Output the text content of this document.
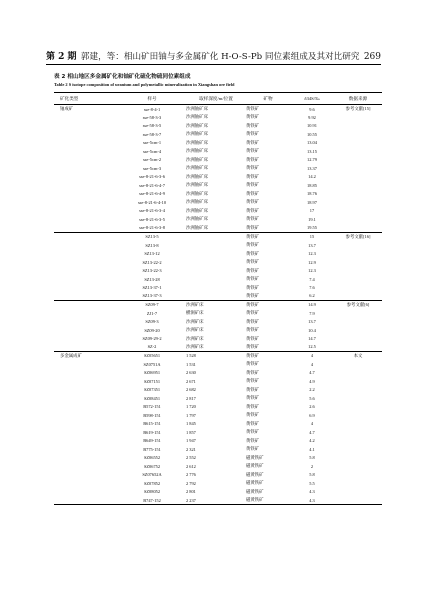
第 2 期 郭建，等：相山矿田铀与多金属矿化 H-O-S-Pb 同位素组成及其对比研究 269
表 2 相山地区多金属矿化和铀矿化硫化物硫同位素组成
Table 2 S isotope composition of uranium and polymetallic mineralization in Xiangshan ore field
矿化类型	样号	取样深度/m/位置	矿物	δ34S/‰	数据来源
铀成矿	sse-8-4-1	沙洲铀矿床	黄铁矿	9.6	参考文献[15]
	sse-58-3-3	沙洲铀矿床	黄铁矿	9.92	
	sse-58-3-5	沙洲铀矿床	黄铁矿	10.91	
	sse-58-3-7	沙洲铀矿床	黄铁矿	10.55	
	sse-5cm-1	沙洲铀矿床	黄铁矿	13.04	
	sse-5cm-4	沙洲铀矿床	黄铁矿	13.15	
	sse-5cm-2	沙洲铀矿床	黄铁矿	12.79	
	sse-5cm-3	沙洲铀矿床	黄铁矿	13.37	
	sse-8-21-6-3-6	沙洲铀矿床	黄铁矿	14.2	
	sse-8-21-6-4-7	沙洲铀矿床	黄铁矿	18.85	
	sse-8-21-6-4-9	沙洲铀矿床	黄铁矿	18.76	
	sse-8-21-6-4-10	沙洲铀矿床	黄铁矿	18.97	
	sse-8-21-6-3-4	沙洲铀矿床	黄铁矿	17	
	sse-8-21-6-3-5	沙洲铀矿床	黄铁矿	19.1	
	sse-8-21-6-3-8	沙洲铀矿床	黄铁矿	19.55	
	SZ13-5		黄铁矿	15	参考文献[16]
	SZ13-8		黄铁矿	13.7	
	SZ13-12		黄铁矿	12.3	
	SZ13-22-2		黄铁矿	12.9	
	SZ13-22-3		黄铁矿	12.3	
	SZ13-28		黄铁矿	7.4	
	SZ13-37-1		黄铁矿	7.6	
	SZ13-37-3		黄铁矿	6.2	
	SZ09-7	沙洲矿床	黄铁矿	14.9	参考文献[6]
	ZJ1-7	横涧矿床	黄铁矿	7.9	
	SZ09-3	沙洲矿床	黄铁矿	13.7	
	SZ09-20	沙洲矿床	黄铁矿	10.4	
	SZ09-29-2	沙洲矿床	黄铁矿	14.7	
	SZ-2	沙洲矿床	黄铁矿	12.5	
多金属成矿	SZ05651	1 528	黄铁矿	4	本文
	SZ0751A	1 531	黄铁矿	4	
	SZ06951	2 630	黄铁矿	4.7	
	SZ07151	2 671	黄铁矿	4.9	
	SZ07351	2 682	黄铁矿	2.2	
	SZ08451	2 817	黄铁矿	5.6	
	B572-151	1 720	黄铁矿	2.6	
	B598-151	1 797	黄铁矿	6.9	
	B615-151	1 845	黄铁矿	4	
	B619-151	1 857	黄铁矿	4.7	
	B649-151	1 947	黄铁矿	4.2	
	B775-151	2 321	黄铁矿	4.1	
	SZ06552	2 552	磁黄铁矿	5.8	
	SZ06752	2 612	磁黄铁矿	2	
	SZ07652A	2 776	磁黄铁矿	5.8	
	SZ07852	2 792	磁黄铁矿	5.5	
	SZ08052	2 801	磁黄铁矿	4.3	
	B747-152	2 237	磁黄铁矿	4.3	
